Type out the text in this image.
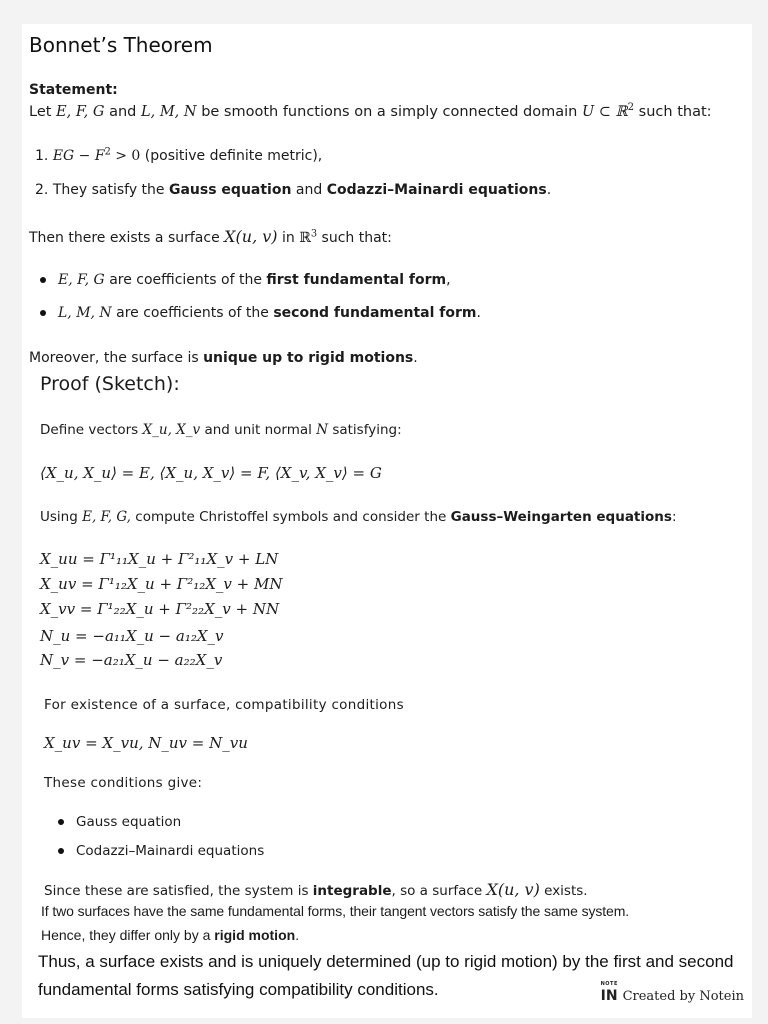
Bonnet’s Theorem
Statement:
Let E, F, G and L, M, N be smooth functions on a simply connected domain U ⊂ ℝ$^2$ such that:
1. EG − $F^2 > 0$ (positive definite metric),
2. They satisfy the Gauss equation and Codazzi–Mainardi equations.
Then there exists a surface X(u, v) in ℝ$^3$ such that:
E, F, G are coefficients of the first fundamental form,
L, M, N are coefficients of the second fundamental form.
Moreover, the surface is unique up to rigid motions.
Proof (Sketch):
Define vectors X_u, X_v and unit normal N satisfying:
⟨X_u, X_u⟩ = E, ⟨X_u, X_v⟩ = F, ⟨X_v, X_v⟩ = G
Using E, F, G, compute Christoffel symbols and consider the Gauss–Weingarten equations:
X_uu = Γ¹₁₁X_u + Γ²₁₁X_v + LN
X_uv = Γ¹₁₂X_u + Γ²₁₂X_v + MN
X_vv = Γ¹₂₂X_u + Γ²₂₂X_v + NN
N_u = −a₁₁X_u − a₁₂X_v
N_v = −a₂₁X_u − a₂₂X_v
For existence of a surface, compatibility conditions
X_uv = X_vu, N_uv = N_vu
These conditions give:
Gauss equation
Codazzi–Mainardi equations
Since these are satisfied, the system is integrable, so a surface X(u, v) exists.
If two surfaces have the same fundamental forms, their tangent vectors satisfy the same system.
Hence, they differ only by a rigid motion.
Thus, a surface exists and is uniquely determined (up to rigid motion) by the first and second
fundamental forms satisfying compatibility conditions.	NOTE
IN Created by Notein
